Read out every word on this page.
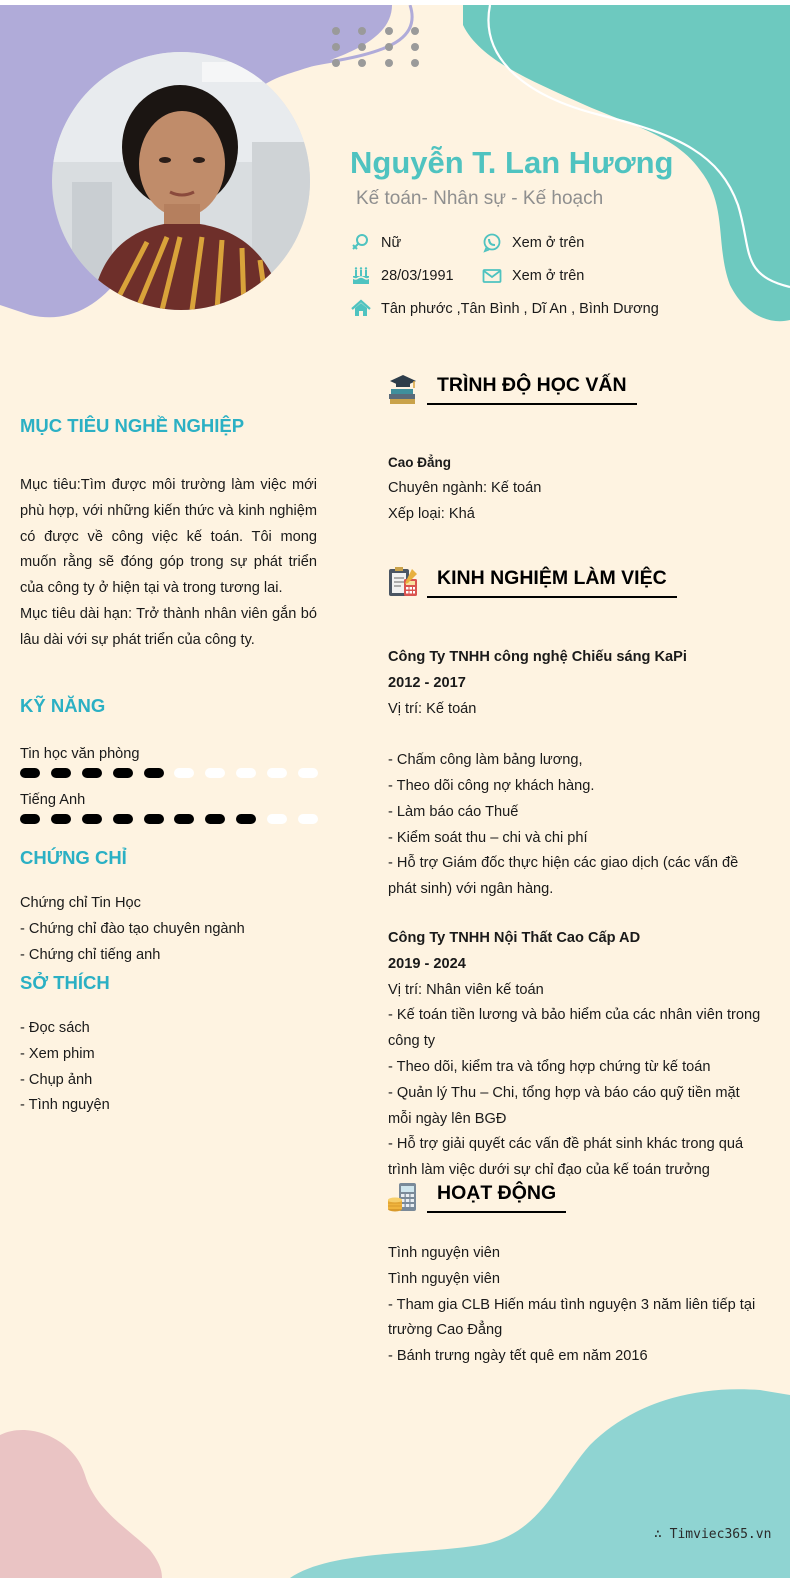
Nguyễn T. Lan Hương
Kế toán- Nhân sự - Kế hoạch
Nữ	Xem ở trên
28/03/1991	Xem ở trên
Tân phước ,Tân Bình , Dĩ An , Bình Dương
MỤC TIÊU NGHỀ NGHIỆP
Mục tiêu:Tìm được môi trường làm việc mới phù hợp, với những kiến thức và kinh nghiệm có được về công việc kế toán. Tôi mong muốn rằng sẽ đóng góp trong sự phát triển của công ty ở hiện tại và trong tương lai.
Mục tiêu dài hạn: Trở thành nhân viên gắn bó lâu dài với sự phát triển của công ty.
KỸ NĂNG
Tin học văn phòng
Tiếng Anh
CHỨNG CHỈ
Chứng chỉ Tin Học
- Chứng chỉ đào tạo chuyên ngành
- Chứng chỉ tiếng anh
SỞ THÍCH
- Đọc sách
- Xem phim
- Chụp ảnh
- Tình nguyện
TRÌNH ĐỘ HỌC VẤN
Cao Đẳng
Chuyên ngành: Kế toán
Xếp loại: Khá
KINH NGHIỆM LÀM VIỆC
Công Ty TNHH công nghệ Chiếu sáng KaPi
2012 - 2017
Vị trí: Kế toán
- Chấm công làm bảng lương,
- Theo dõi công nợ khách hàng.
- Làm báo cáo Thuế
- Kiểm soát thu – chi và chi phí
- Hỗ trợ Giám đốc thực hiện các giao dịch (các vấn đề phát sinh) với ngân hàng.
Công Ty TNHH Nội Thất Cao Cấp AD
2019 - 2024
Vị trí: Nhân viên kế toán
- Kế toán tiền lương và bảo hiểm của các nhân viên trong công ty
- Theo dõi, kiểm tra và tổng hợp chứng từ kế toán
- Quản lý Thu – Chi, tổng hợp và báo cáo quỹ tiền mặt mỗi ngày lên BGĐ
- Hỗ trợ giải quyết các vấn đề phát sinh khác trong quá trình làm việc dưới sự chỉ đạo của kế toán trưởng
HOẠT ĐỘNG
Tình nguyện viên
Tình nguyện viên
- Tham gia CLB Hiến máu tình nguyện 3 năm liên tiếp tại trường Cao Đẳng
- Bánh trưng ngày tết quê em năm 2016
∴ Timviec365.vn
